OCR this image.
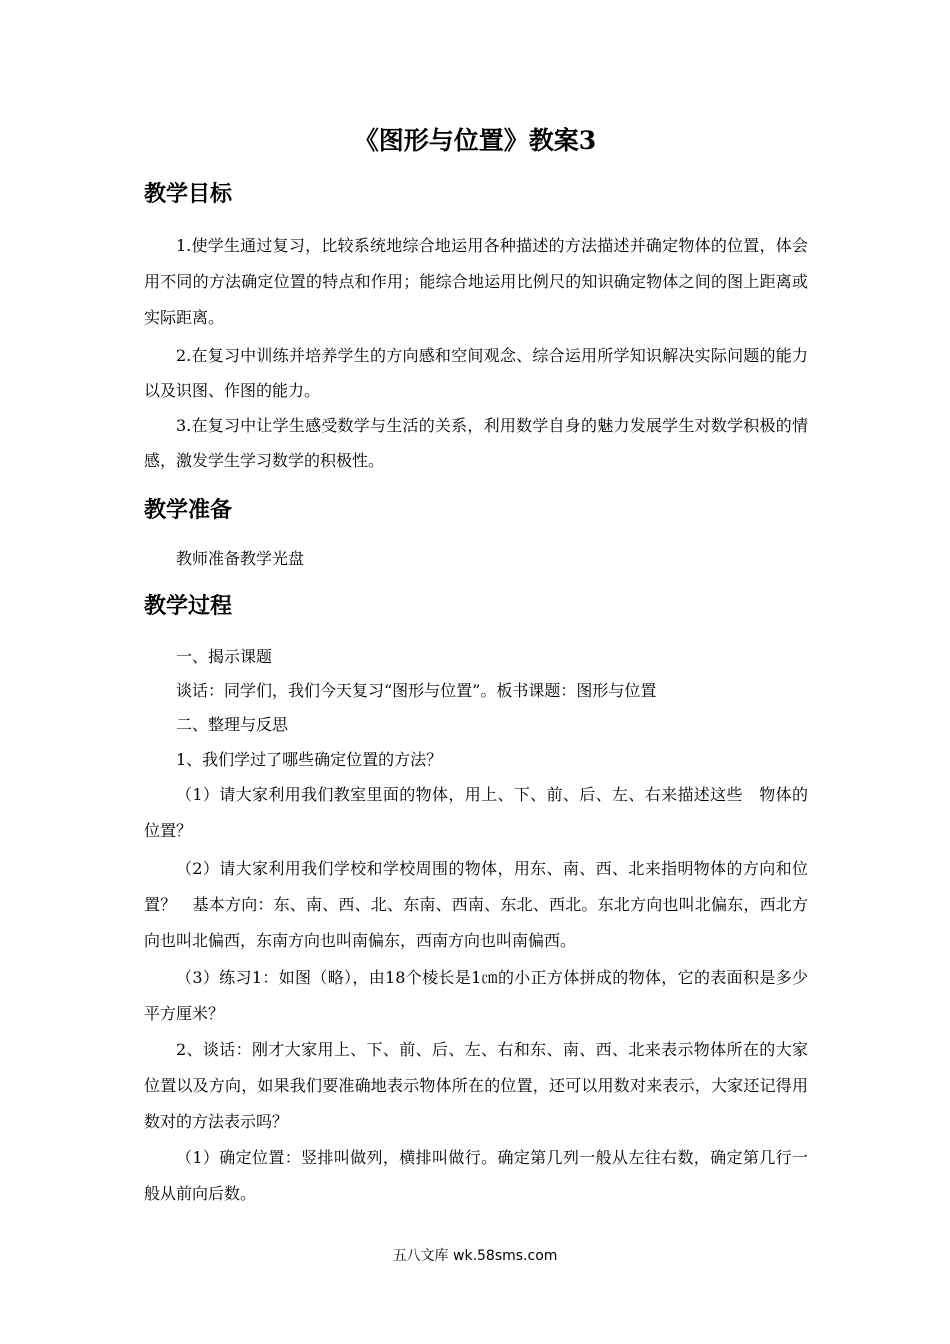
《图形与位置》教案3
教学目标
1.使学生通过复习，比较系统地综合地运用各种描述的方法描述并确定物体的位置，体会用不同的方法确定位置的特点和作用；能综合地运用比例尺的知识确定物体之间的图上距离或实际距离。
2.在复习中训练并培养学生的方向感和空间观念、综合运用所学知识解决实际问题的能力以及识图、作图的能力。
3.在复习中让学生感受数学与生活的关系，利用数学自身的魅力发展学生对数学积极的情感，激发学生学习数学的积极性。
教学准备
教师准备教学光盘
教学过程
一、揭示课题
谈话：同学们，我们今天复习“图形与位置”。板书课题：图形与位置
二、整理与反思
1、我们学过了哪些确定位置的方法？
（1）请大家利用我们教室里面的物体，用上、下、前、后、左、右来描述这些　物体的位置？
（2）请大家利用我们学校和学校周围的物体，用东、南、西、北来指明物体的方向和位置？　基本方向：东、南、西、北、东南、西南、东北、西北。东北方向也叫北偏东，西北方向也叫北偏西，东南方向也叫南偏东，西南方向也叫南偏西。
（3）练习1：如图（略），由18个棱长是1㎝的小正方体拼成的物体，它的表面积是多少平方厘米？
2、谈话：刚才大家用上、下、前、后、左、右和东、南、西、北来表示物体所在的大家位置以及方向，如果我们要准确地表示物体所在的位置，还可以用数对来表示，大家还记得用数对的方法表示吗？
（1）确定位置：竖排叫做列，横排叫做行。确定第几列一般从左往右数，确定第几行一般从前向后数。
五八文库 wk.58sms.com
